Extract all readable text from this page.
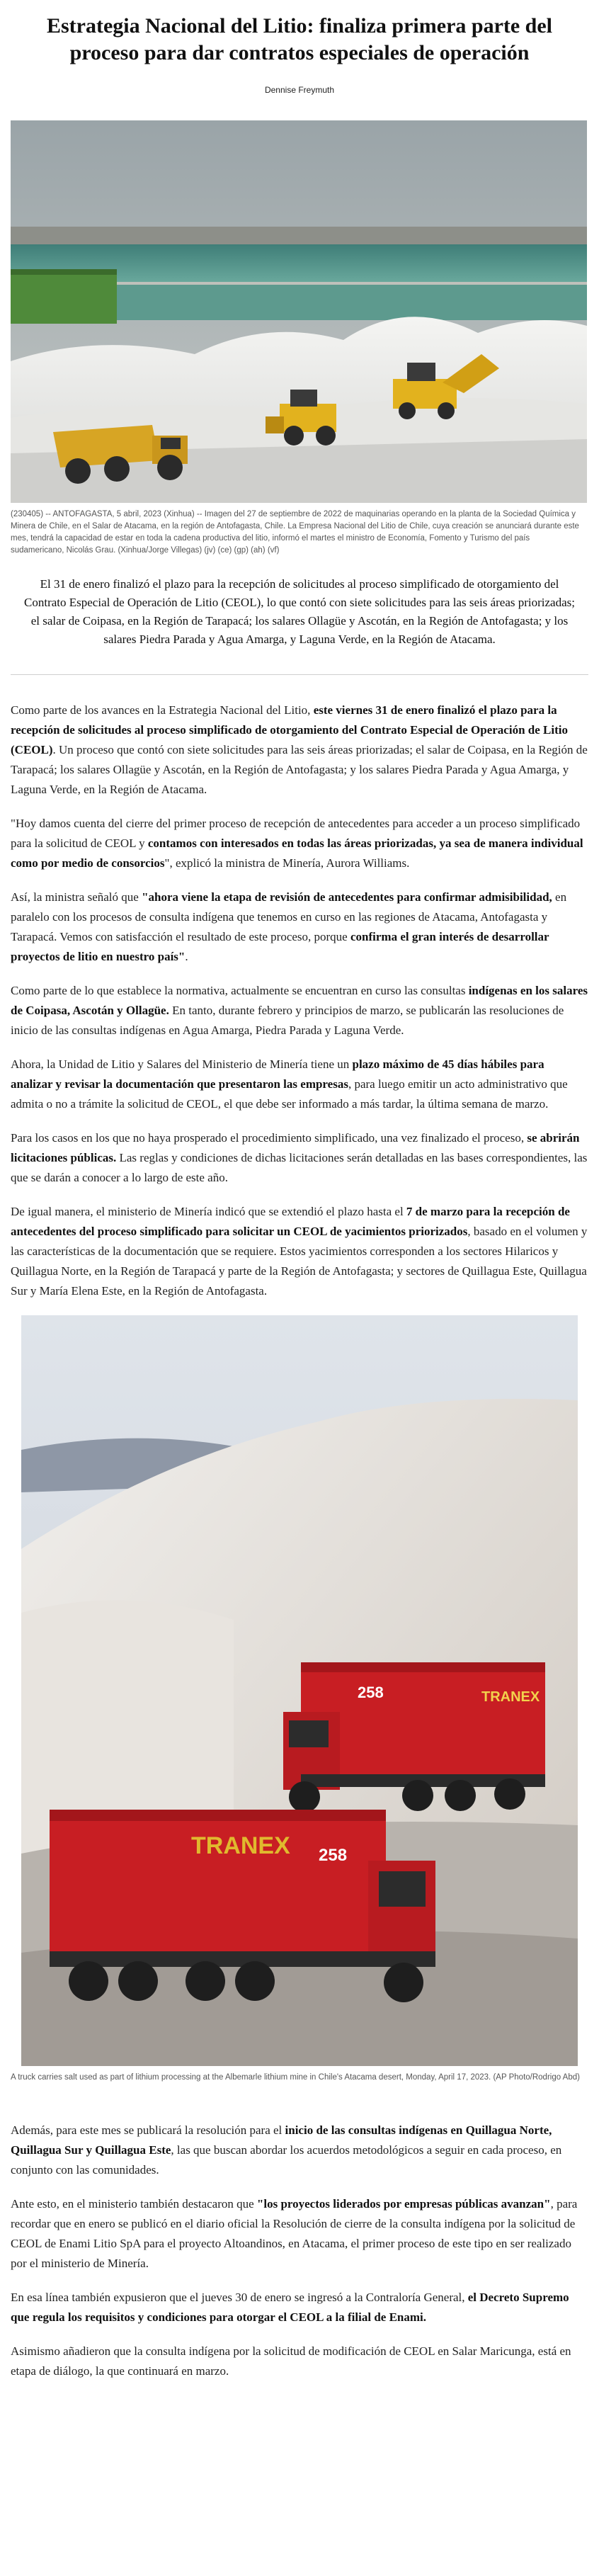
Estrategia Nacional del Litio: finaliza primera parte del proceso para dar contratos especiales de operación
Dennise Freymuth
(230405) -- ANTOFAGASTA, 5 abril, 2023 (Xinhua) -- Imagen del 27 de septiembre de 2022 de maquinarias operando en la planta de la Sociedad Química y Minera de Chile, en el Salar de Atacama, en la región de Antofagasta, Chile. La Empresa Nacional del Litio de Chile, cuya creación se anunciará durante este mes, tendrá la capacidad de estar en toda la cadena productiva del litio, informó el martes el ministro de Economía, Fomento y Turismo del país sudamericano, Nicolás Grau. (Xinhua/Jorge Villegas) (jv) (ce) (gp) (ah) (vf)
El 31 de enero finalizó el plazo para la recepción de solicitudes al proceso simplificado de otorgamiento del Contrato Especial de Operación de Litio (CEOL), lo que contó con siete solicitudes para las seis áreas priorizadas; el salar de Coipasa, en la Región de Tarapacá; los salares Ollagüe y Ascotán, en la Región de Antofagasta; y los salares Piedra Parada y Agua Amarga, y Laguna Verde, en la Región de Atacama.

Como parte de los avances en la Estrategia Nacional del Litio, este viernes 31 de enero finalizó el plazo para la recepción de solicitudes al proceso simplificado de otorgamiento del Contrato Especial de Operación de Litio (CEOL). Un proceso que contó con siete solicitudes para las seis áreas priorizadas; el salar de Coipasa, en la Región de Tarapacá; los salares Ollagüe y Ascotán, en la Región de Antofagasta; y los salares Piedra Parada y Agua Amarga, y Laguna Verde, en la Región de Atacama.

"Hoy damos cuenta del cierre del primer proceso de recepción de antecedentes para acceder a un proceso simplificado para la solicitud de CEOL y contamos con interesados en todas las áreas priorizadas, ya sea de manera individual como por medio de consorcios", explicó la ministra de Minería, Aurora Williams.

Así, la ministra señaló que "ahora viene la etapa de revisión de antecedentes para confirmar admisibilidad, en paralelo con los procesos de consulta indígena que tenemos en curso en las regiones de Atacama, Antofagasta y Tarapacá. Vemos con satisfacción el resultado de este proceso, porque confirma el gran interés de desarrollar proyectos de litio en nuestro país".

Como parte de lo que establece la normativa, actualmente se encuentran en curso las consultas indígenas en los salares de Coipasa, Ascotán y Ollagüe. En tanto, durante febrero y principios de marzo, se publicarán las resoluciones de inicio de las consultas indígenas en Agua Amarga, Piedra Parada y Laguna Verde.

Ahora, la Unidad de Litio y Salares del Ministerio de Minería tiene un plazo máximo de 45 días hábiles para analizar y revisar la documentación que presentaron las empresas, para luego emitir un acto administrativo que admita o no a trámite la solicitud de CEOL, el que debe ser informado a más tardar, la última semana de marzo.

Para los casos en los que no haya prosperado el procedimiento simplificado, una vez finalizado el proceso, se abrirán licitaciones públicas. Las reglas y condiciones de dichas licitaciones serán detalladas en las bases correspondientes, las que se darán a conocer a lo largo de este año.

De igual manera, el ministerio de Minería indicó que se extendió el plazo hasta el 7 de marzo para la recepción de antecedentes del proceso simplificado para solicitar un CEOL de yacimientos priorizados, basado en el volumen y las características de la documentación que se requiere. Estos yacimientos corresponden a los sectores Hilaricos y Quillagua Norte, en la Región de Tarapacá y parte de la Región de Antofagasta; y sectores de Quillagua Este, Quillagua Sur y María Elena Este, en la Región de Antofagasta.

TRANEX
258
TRANEX 258
A truck carries salt used as part of lithium processing at the Albemarle lithium mine in Chile's Atacama desert, Monday, April 17, 2023. (AP Photo/Rodrigo Abd)

Además, para este mes se publicará la resolución para el inicio de las consultas indígenas en Quillagua Norte, Quillagua Sur y Quillagua Este, las que buscan abordar los acuerdos metodológicos a seguir en cada proceso, en conjunto con las comunidades.

Ante esto, en el ministerio también destacaron que "los proyectos liderados por empresas públicas avanzan", para recordar que en enero se publicó en el diario oficial la Resolución de cierre de la consulta indígena por la solicitud de CEOL de Enami Litio SpA para el proyecto Altoandinos, en Atacama, el primer proceso de este tipo en ser realizado por el ministerio de Minería.

En esa línea también expusieron que el jueves 30 de enero se ingresó a la Contraloría General, el Decreto Supremo que regula los requisitos y condiciones para otorgar el CEOL a la filial de Enami.

Asimismo añadieron que la consulta indígena por la solicitud de modificación de CEOL en Salar Maricunga, está en etapa de diálogo, la que continuará en marzo.
